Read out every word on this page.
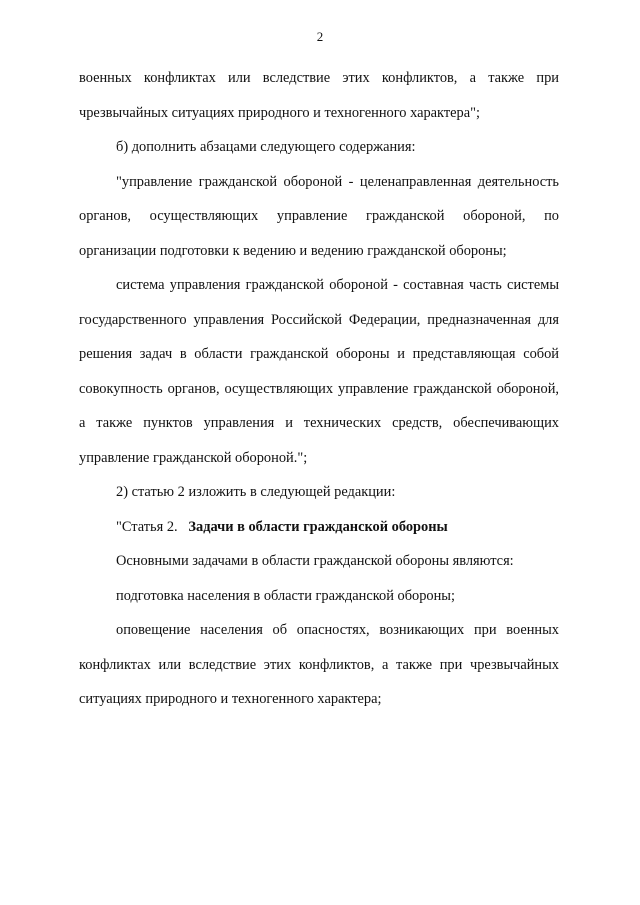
2

военных конфликтах или вследствие этих конфликтов, а также при чрезвычайных ситуациях природного и техногенного характера";

б) дополнить абзацами следующего содержания:

"управление гражданской обороной - целенаправленная деятельность органов, осуществляющих управление гражданской обороной, по организации подготовки к ведению и ведению гражданской обороны;

система управления гражданской обороной - составная часть системы государственного управления Российской Федерации, предназначенная для решения задач в области гражданской обороны и представляющая собой совокупность органов, осуществляющих управление гражданской обороной, а также пунктов управления и технических средств, обеспечивающих управление гражданской обороной.";

2) статью 2 изложить в следующей редакции:

"Статья 2. Задачи в области гражданской обороны

Основными задачами в области гражданской обороны являются:

подготовка населения в области гражданской обороны;

оповещение населения об опасностях, возникающих при военных конфликтах или вследствие этих конфликтов, а также при чрезвычайных ситуациях природного и техногенного характера;
